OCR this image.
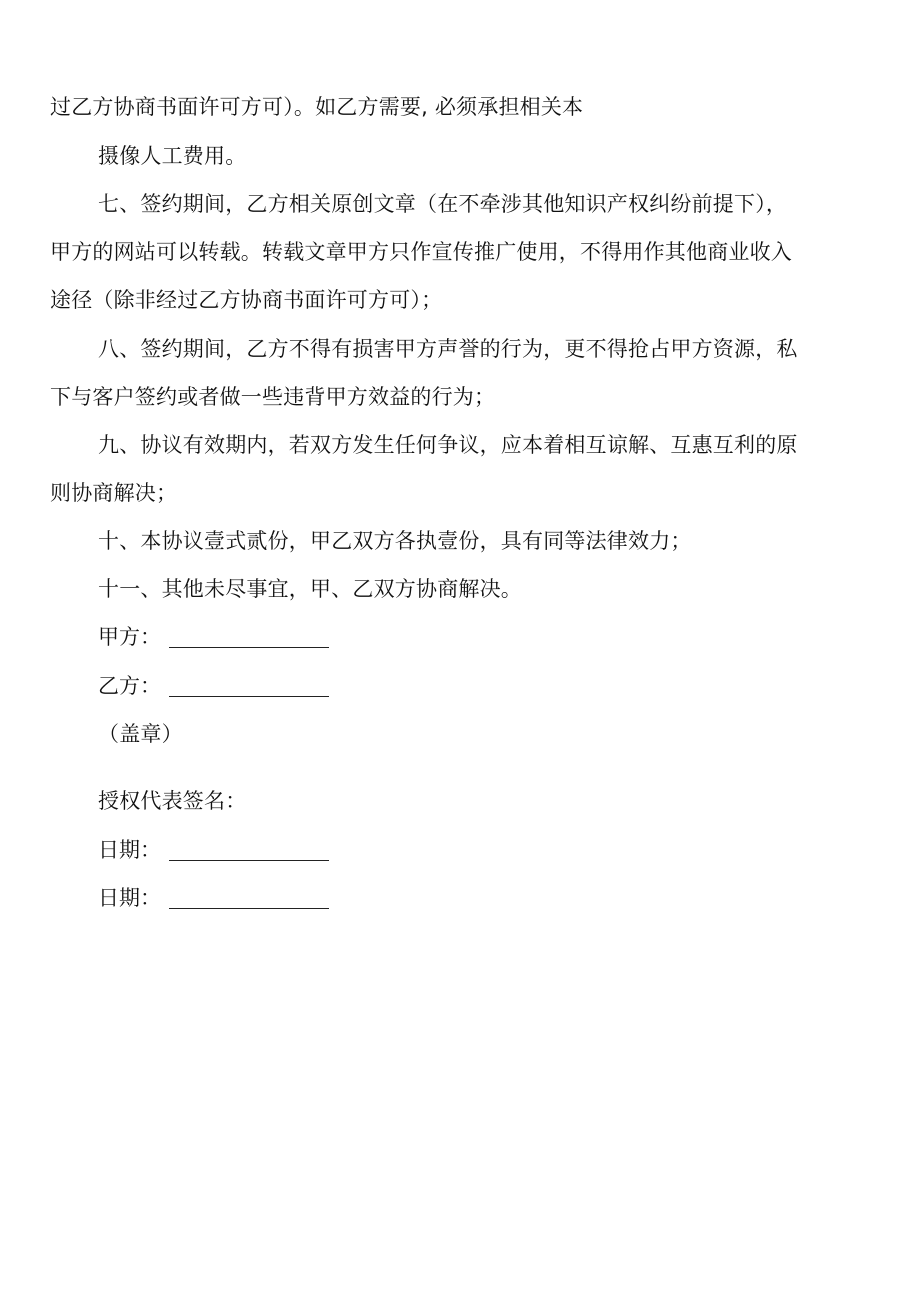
过乙方协商书面许可方可）。如乙方需要, 必须承担相关本
摄像人工费用。
七、签约期间，乙方相关原创文章（在不牵涉其他知识产权纠纷前提下），
甲方的网站可以转载。转载文章甲方只作宣传推广使用，不得用作其他商业收入
途径（除非经过乙方协商书面许可方可）；
八、签约期间，乙方不得有损害甲方声誉的行为，更不得抢占甲方资源，私
下与客户签约或者做一些违背甲方效益的行为；
九、协议有效期内，若双方发生任何争议，应本着相互谅解、互惠互利的原
则协商解决；
十、本协议壹式贰份，甲乙双方各执壹份，具有同等法律效力；
十一、其他未尽事宜，甲、乙双方协商解决。
甲方：
乙方：
（盖章）
授权代表签名：
日期：
日期：
